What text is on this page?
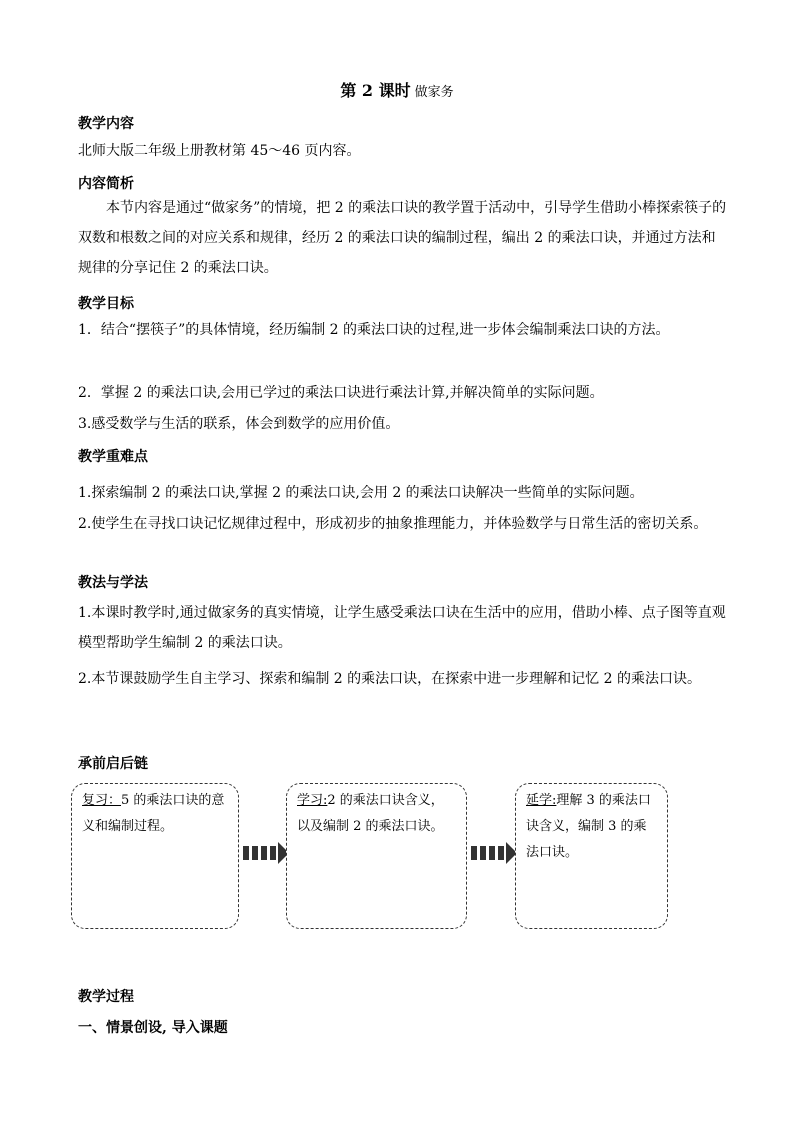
第 2 课时 做家务
教学内容
北师大版二年级上册教材第 45～46 页内容。
内容简析
本节内容是通过“做家务”的情境，把 2 的乘法口诀的教学置于活动中，引导学生借助小棒探索筷子的双数和根数之间的对应关系和规律，经历 2 的乘法口诀的编制过程，编出 2 的乘法口诀，并通过方法和规律的分享记住 2 的乘法口诀。
教学目标
1．结合“摆筷子”的具体情境，经历编制 2 的乘法口诀的过程,进一步体会编制乘法口诀的方法。
2．掌握 2 的乘法口诀,会用已学过的乘法口诀进行乘法计算,并解决简单的实际问题。
3.感受数学与生活的联系，体会到数学的应用价值。
教学重难点
1.探索编制 2 的乘法口诀,掌握 2 的乘法口诀,会用 2 的乘法口诀解决一些简单的实际问题。
2.使学生在寻找口诀记忆规律过程中，形成初步的抽象推理能力，并体验数学与日常生活的密切关系。
教法与学法
1.本课时教学时,通过做家务的真实情境，让学生感受乘法口诀在生活中的应用，借助小棒、点子图等直观模型帮助学生编制 2 的乘法口诀。
2.本节课鼓励学生自主学习、探索和编制 2 的乘法口诀，在探索中进一步理解和记忆 2 的乘法口诀。
承前启后链
复习：5 的乘法口诀的意义和编制过程。
学习:2 的乘法口诀含义，以及编制 2 的乘法口诀。
延学:理解 3 的乘法口诀含义，编制 3 的乘法口诀。
教学过程
一、情景创设, 导入课题
